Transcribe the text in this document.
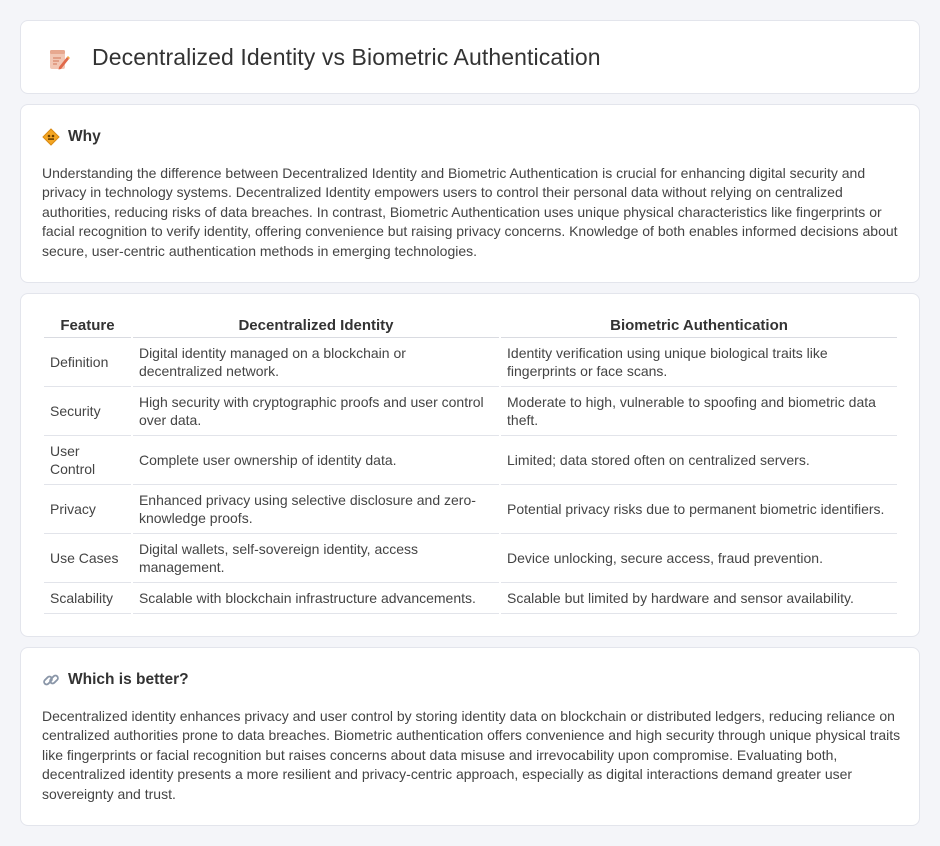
Decentralized Identity vs Biometric Authentication
Why

Understanding the difference between Decentralized Identity and Biometric Authentication is crucial for enhancing digital security and privacy in technology systems. Decentralized Identity empowers users to control their personal data without relying on centralized authorities, reducing risks of data breaches. In contrast, Biometric Authentication uses unique physical characteristics like fingerprints or facial recognition to verify identity, offering convenience but raising privacy concerns. Knowledge of both enables informed decisions about secure, user-centric authentication methods in emerging technologies.

Feature	Decentralized Identity	Biometric Authentication
Definition	Digital identity managed on a blockchain or decentralized network.	Identity verification using unique biological traits like fingerprints or face scans.
Security	High security with cryptographic proofs and user control over data.	Moderate to high, vulnerable to spoofing and biometric data theft.
User Control	Complete user ownership of identity data.	Limited; data stored often on centralized servers.
Privacy	Enhanced privacy using selective disclosure and zero-knowledge proofs.	Potential privacy risks due to permanent biometric identifiers.
Use Cases	Digital wallets, self-sovereign identity, access management.	Device unlocking, secure access, fraud prevention.
Scalability	Scalable with blockchain infrastructure advancements.	Scalable but limited by hardware and sensor availability.
Which is better?

Decentralized identity enhances privacy and user control by storing identity data on blockchain or distributed ledgers, reducing reliance on centralized authorities prone to data breaches. Biometric authentication offers convenience and high security through unique physical traits like fingerprints or facial recognition but raises concerns about data misuse and irrevocability upon compromise. Evaluating both, decentralized identity presents a more resilient and privacy-centric approach, especially as digital interactions demand greater user sovereignty and trust.
